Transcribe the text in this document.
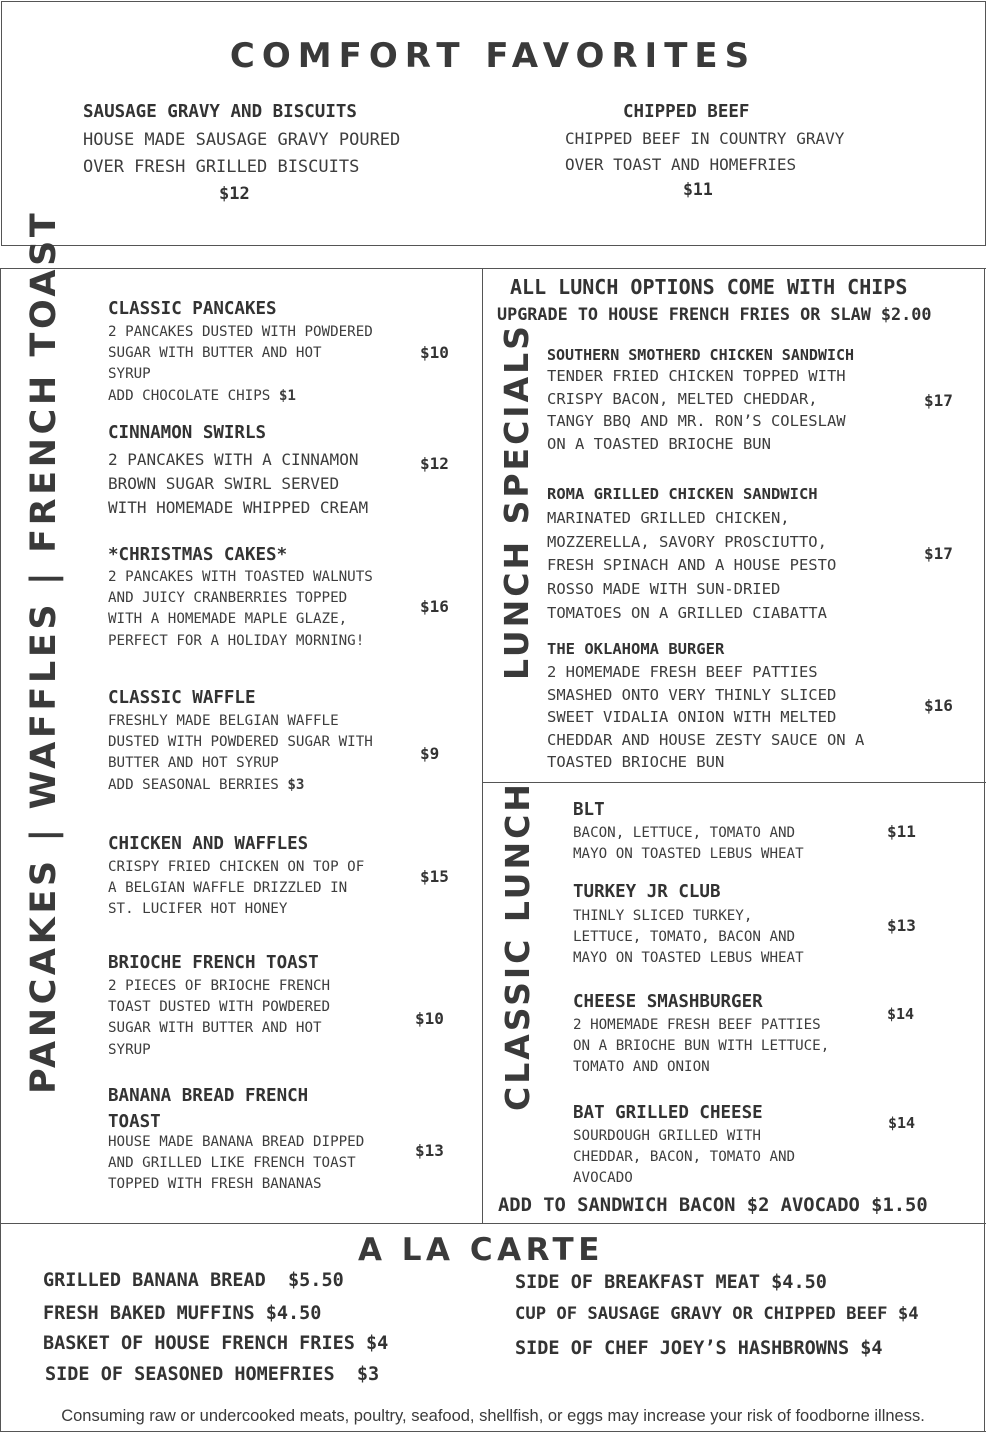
COMFORT FAVORITES
SAUSAGE GRAVY AND BISCUITS
HOUSE MADE SAUSAGE GRAVY POURED
OVER FRESH GRILLED BISCUITS
$12
CHIPPED BEEF
CHIPPED BEEF IN COUNTRY GRAVY
OVER TOAST AND HOMEFRIES
$11
PANCAKES | WAFFLES | FRENCH TOAST	CLASSIC PANCAKES
2 PANCAKES DUSTED WITH POWDERED
SUGAR WITH BUTTER AND HOT
SYRUP
ADD CHOCOLATE CHIPS $1
$10
CINNAMON SWIRLS
2 PANCAKES WITH A CINNAMON
BROWN SUGAR SWIRL SERVED
WITH HOMEMADE WHIPPED CREAM
$12
*CHRISTMAS CAKES*
2 PANCAKES WITH TOASTED WALNUTS
AND JUICY CRANBERRIES TOPPED
WITH A HOMEMADE MAPLE GLAZE,
PERFECT FOR A HOLIDAY MORNING!
$16
CLASSIC WAFFLE
FRESHLY MADE BELGIAN WAFFLE
DUSTED WITH POWDERED SUGAR WITH
BUTTER AND HOT SYRUP
ADD SEASONAL BERRIES $3
$9
CHICKEN AND WAFFLES
CRISPY FRIED CHICKEN ON TOP OF
A BELGIAN WAFFLE DRIZZLED IN
ST. LUCIFER HOT HONEY
$15
BRIOCHE FRENCH TOAST
2 PIECES OF BRIOCHE FRENCH
TOAST DUSTED WITH POWDERED
SUGAR WITH BUTTER AND HOT
SYRUP
$10
BANANA BREAD FRENCH
TOAST
HOUSE MADE BANANA BREAD DIPPED
AND GRILLED LIKE FRENCH TOAST
TOPPED WITH FRESH BANANAS
$13
ALL LUNCH OPTIONS COME WITH CHIPS
UPGRADE TO HOUSE FRENCH FRIES OR SLAW $2.00
LUNCH SPECIALS SOUTHERN SMOTHERD CHICKEN SANDWICH
TENDER FRIED CHICKEN TOPPED WITH
CRISPY BACON, MELTED CHEDDAR,
TANGY BBQ AND MR. RON’S COLESLAW
ON A TOASTED BRIOCHE BUN
$17
ROMA GRILLED CHICKEN SANDWICH
MARINATED GRILLED CHICKEN,
MOZZERELLA, SAVORY PROSCIUTTO,
FRESH SPINACH AND A HOUSE PESTO
ROSSO MADE WITH SUN-DRIED
TOMATOES ON A GRILLED CIABATTA
$17
THE OKLAHOMA BURGER
2 HOMEMADE FRESH BEEF PATTIES
SMASHED ONTO VERY THINLY SLICED
SWEET VIDALIA ONION WITH MELTED
CHEDDAR AND HOUSE ZESTY SAUCE ON A
TOASTED BRIOCHE BUN
$16
CLASSIC LUNCH BLT
BACON, LETTUCE, TOMATO AND
MAYO ON TOASTED LEBUS WHEAT
$11
TURKEY JR CLUB
THINLY SLICED TURKEY,
LETTUCE, TOMATO, BACON AND
MAYO ON TOASTED LEBUS WHEAT
$13
CHEESE SMASHBURGER
2 HOMEMADE FRESH BEEF PATTIES
ON A BRIOCHE BUN WITH LETTUCE,
TOMATO AND ONION
$14
BAT GRILLED CHEESE
SOURDOUGH GRILLED WITH
CHEDDAR, BACON, TOMATO AND
AVOCADO
$14
ADD TO SANDWICH BACON $2 AVOCADO $1.50
A LA CARTE
GRILLED BANANA BREAD  $5.50
FRESH BAKED MUFFINS $4.50
BASKET OF HOUSE FRENCH FRIES $4
SIDE OF SEASONED HOMEFRIES  $3
SIDE OF BREAKFAST MEAT $4.50
CUP OF SAUSAGE GRAVY OR CHIPPED BEEF $4
SIDE OF CHEF JOEY’S HASHBROWNS $4
Consuming raw or undercooked meats, poultry, seafood, shellfish, or eggs may increase your risk of foodborne illness.
